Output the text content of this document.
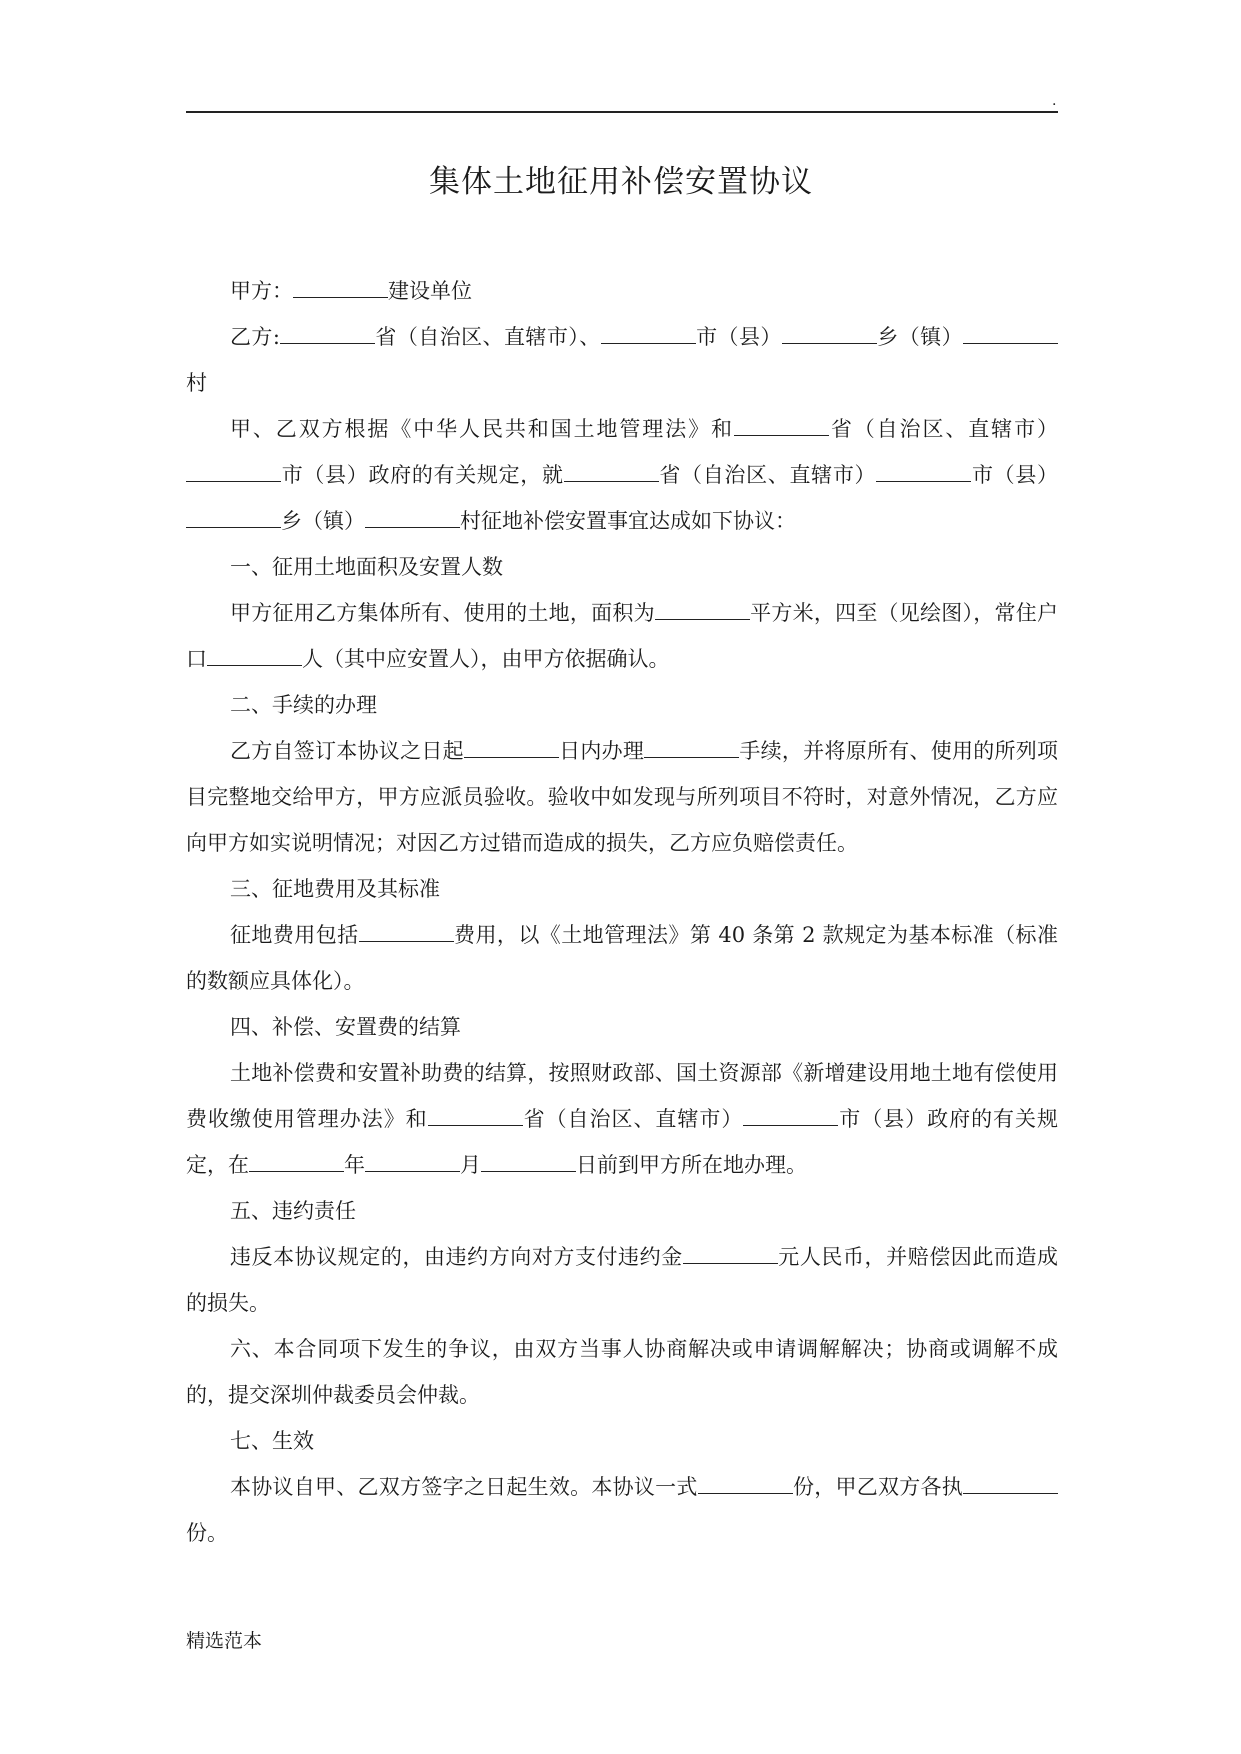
.
集体土地征用补偿安置协议

甲方：	建设单位

乙方:	省（自治区、直辖市）、	市（县）	乡（镇）村

甲、乙双方根据《中华人民共和国土地管理法》和	省（自治区、直辖市）市（县）政府的有关规定，就	省（自治区、直辖市）	市（县）乡（镇）	村征地补偿安置事宜达成如下协议：

一、征用土地面积及安置人数

甲方征用乙方集体所有、使用的土地，面积为	平方米，四至（见绘图），常住户口	人（其中应安置人），由甲方依据确认。

二、手续的办理

乙方自签订本协议之日起	日内办理	手续，并将原所有、使用的所列项目完整地交给甲方，甲方应派员验收。验收中如发现与所列项目不符时，对意外情况，乙方应向甲方如实说明情况；对因乙方过错而造成的损失，乙方应负赔偿责任。

三、征地费用及其标准

征地费用包括	费用，以《土地管理法》第 40 条第 2 款规定为基本标准（标准的数额应具体化）。

四、补偿、安置费的结算

土地补偿费和安置补助费的结算，按照财政部、国土资源部《新增建设用地土地有偿使用费收缴使用管理办法》和	省（自治区、直辖市）	市（县）政府的有关规定，在	年	月	日前到甲方所在地办理。

五、违约责任

违反本协议规定的，由违约方向对方支付违约金	元人民币，并赔偿因此而造成的损失。

六、本合同项下发生的争议，由双方当事人协商解决或申请调解解决；协商或调解不成的，提交深圳仲裁委员会仲裁。

七、生效

本协议自甲、乙双方签字之日起生效。本协议一式	份，甲乙双方各执份。

精选范本
